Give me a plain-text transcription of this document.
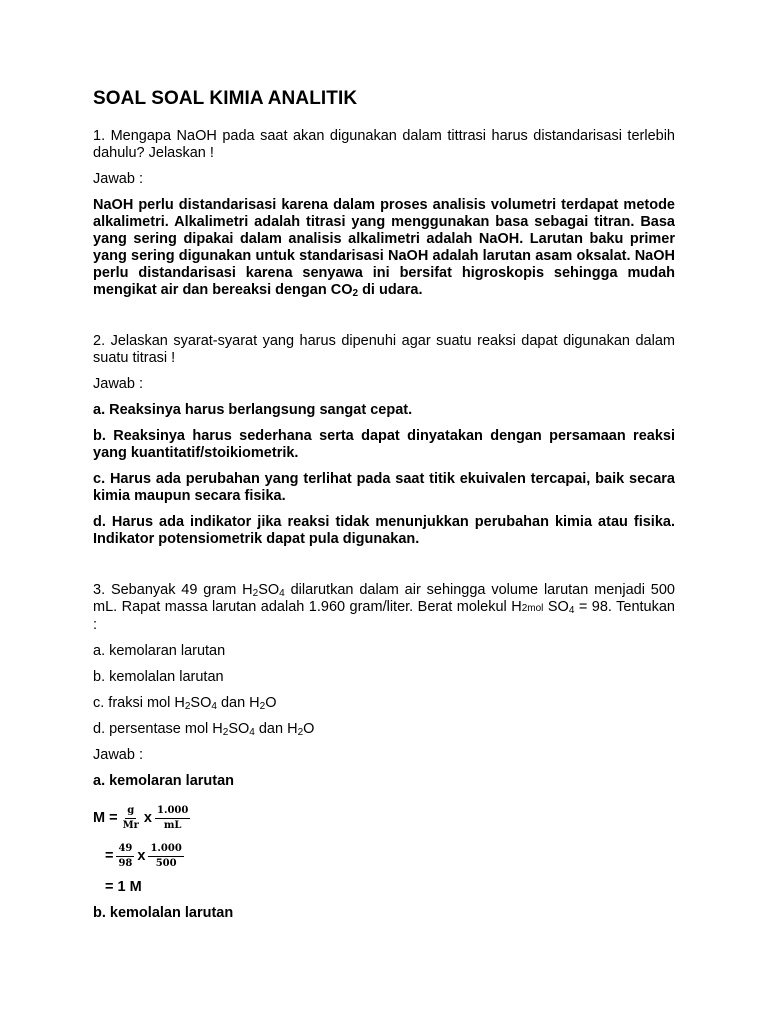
SOAL SOAL KIMIA ANALITIK

1. Mengapa NaOH pada saat akan digunakan dalam tittrasi harus distandarisasi terlebih dahulu? Jelaskan !

Jawab :

NaOH perlu distandarisasi karena dalam proses analisis volumetri terdapat metode alkalimetri. Alkalimetri adalah titrasi yang menggunakan basa sebagai titran. Basa yang sering dipakai dalam analisis alkalimetri adalah NaOH. Larutan baku primer yang sering digunakan untuk standarisasi NaOH adalah larutan asam oksalat. NaOH perlu distandarisasi karena senyawa ini bersifat higroskopis sehingga mudah mengikat air dan bereaksi dengan $CO_2$ di udara.

2. Jelaskan syarat-syarat yang harus dipenuhi agar suatu reaksi dapat digunakan dalam suatu titrasi !

Jawab :

a. Reaksinya harus berlangsung sangat cepat.

b. Reaksinya harus sederhana serta dapat dinyatakan dengan persamaan reaksi yang kuantitatif/stoikiometrik.

c. Harus ada perubahan yang terlihat pada saat titik ekuivalen tercapai, baik secara kimia maupun secara fisika.

d. Harus ada indikator jika reaksi tidak menunjukkan perubahan kimia atau fisika. Indikator potensiometrik dapat pula digunakan.

3. Sebanyak 49 gram $H_2SO_4$ dilarutkan dalam air sehingga volume larutan menjadi 500 mL. Rapat massa larutan adalah 1.960 gram/liter. Berat molekul H2mol $SO_4 = 98$. Tentukan :

a. kemolaran larutan

b. kemolalan larutan

c. fraksi mol $H_2SO_4$ dan $H_2O$

d. persentase mol $H_2SO_4$ dan $H_2O$

Jawab :

a. kemolaran larutan

$M = \frac{g}{Mr}$ x $\frac{1.000}{mL}$
= $\frac{49}{98}$ x $\frac{1.000}{500}$

= 1 M

b. kemolalan larutan
